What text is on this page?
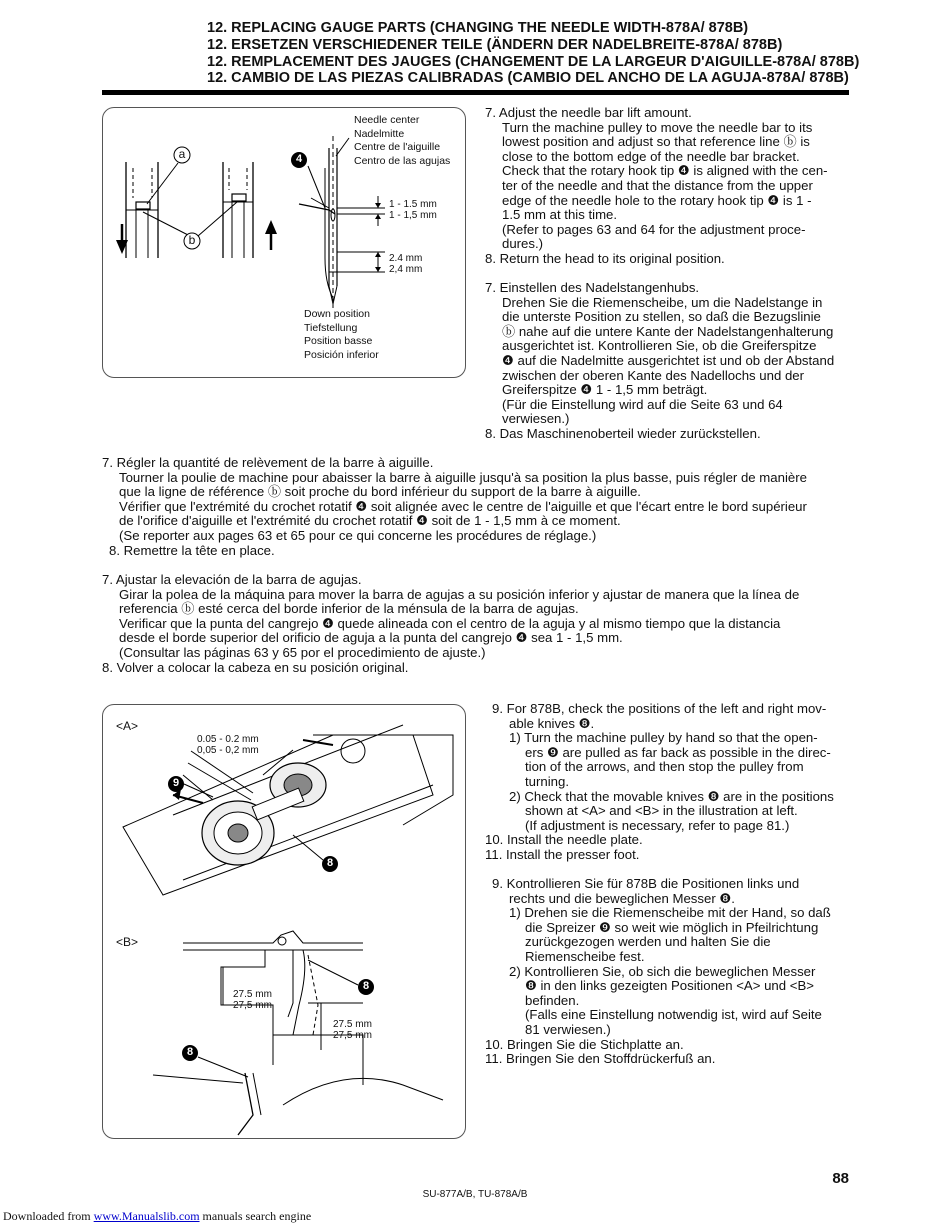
12. REPLACING GAUGE PARTS (CHANGING THE NEEDLE WIDTH-878A/ 878B)
12. ERSETZEN VERSCHIEDENER TEILE (ÄNDERN DER NADELBREITE-878A/ 878B)
12. REMPLACEMENT DES JAUGES (CHANGEMENT DE LA LARGEUR D'AIGUILLE-878A/ 878B)
12. CAMBIO DE LAS PIEZAS CALIBRADAS (CAMBIO DEL ANCHO DE LA AGUJA-878A/ 878B)
a
b
4
Needle center
Nadelmitte
Centre de l'aiguille
Centro de las agujas
1 - 1.5 mm
1 - 1,5 mm
2.4 mm
2,4 mm
Down position
Tiefstellung
Position basse
Posición inferior

7. Adjust the needle bar lift amount.

Turn the machine pulley to move the needle bar to its

lowest position and adjust so that reference line ⓑ is

close to the bottom edge of the needle bar bracket.

Check that the rotary hook tip ❹ is aligned with the cen-

ter of the needle and that the distance from the upper

edge of the needle hole to the rotary hook tip ❹ is 1 -

1.5 mm at this time.

(Refer to pages 63 and 64 for the adjustment proce-

dures.)

8. Return the head to its original position.

7. Einstellen des Nadelstangenhubs.

Drehen Sie die Riemenscheibe, um die Nadelstange in

die unterste Position zu stellen, so daß die Bezugslinie

ⓑ nahe auf die untere Kante der Nadelstangenhalterung

ausgerichtet ist. Kontrollieren Sie, ob die Greiferspitze

❹ auf die Nadelmitte ausgerichtet ist und ob der Abstand

zwischen der oberen Kante des Nadellochs und der

Greiferspitze ❹ 1 - 1,5 mm beträgt.

(Für die Einstellung wird auf die Seite 63 und 64

verwiesen.)

8. Das Maschinenoberteil wieder zurückstellen.

7. Régler la quantité de relèvement de la barre à aiguille.

Tourner la poulie de machine pour abaisser la barre à aiguille jusqu'à sa position la plus basse, puis régler de manière

que la ligne de référence ⓑ soit proche du bord inférieur du support de la barre à aiguille.

Vérifier que l'extrémité du crochet rotatif ❹ soit alignée avec le centre de l'aiguille et que l'écart entre le bord supérieur

de l'orifice d'aiguille et l'extrémité du crochet rotatif ❹ soit de 1 - 1,5 mm à ce moment.

(Se reporter aux pages 63 et 65 pour ce qui concerne les procédures de réglage.)

8. Remettre la tête en place.

7. Ajustar la elevación de la barra de agujas.

Girar la polea de la máquina para mover la barra de agujas a su posición inferior y ajustar de manera que la línea de

referencia ⓑ esté cerca del borde inferior de la ménsula de la barra de agujas.

Verificar que la punta del cangrejo ❹ quede alineada con el centro de la aguja y al mismo tiempo que la distancia

desde el borde superior del orificio de aguja a la punta del cangrejo ❹ sea 1 - 1,5 mm.

(Consultar las páginas 63 y 65 por el procedimiento de ajuste.)

8. Volver a colocar la cabeza en su posición original.

<A>
<B>
0.05 - 0.2 mm
0,05 - 0,2 mm
27.5 mm
27,5 mm
27.5 mm
27,5 mm
9
8
8
8

9. For 878B, check the positions of the left and right mov-

able knives ❽.

1) Turn the machine pulley by hand so that the open-

ers ❾ are pulled as far back as possible in the direc-

tion of the arrows, and then stop the pulley from

turning.

2) Check that the movable knives ❽ are in the positions

shown at <A> and <B> in the illustration at left.

(If adjustment is necessary, refer to page 81.)

10. Install the needle plate.

11. Install the presser foot.

9. Kontrollieren Sie für 878B die Positionen links und

rechts und die beweglichen Messer ❽.

1) Drehen sie die Riemenscheibe mit der Hand, so daß

die Spreizer ❾ so weit wie möglich in Pfeilrichtung

zurückgezogen werden und halten Sie die

Riemenscheibe fest.

2) Kontrollieren Sie, ob sich die beweglichen Messer

❽ in den links gezeigten Positionen <A> und <B>

befinden.

(Falls eine Einstellung notwendig ist, wird auf Seite

81 verwiesen.)

10. Bringen Sie die Stichplatte an.

11. Bringen Sie den Stoffdrückerfuß an.

88
SU-877A/B, TU-878A/B
Downloaded from www.Manualslib.com manuals search engine
